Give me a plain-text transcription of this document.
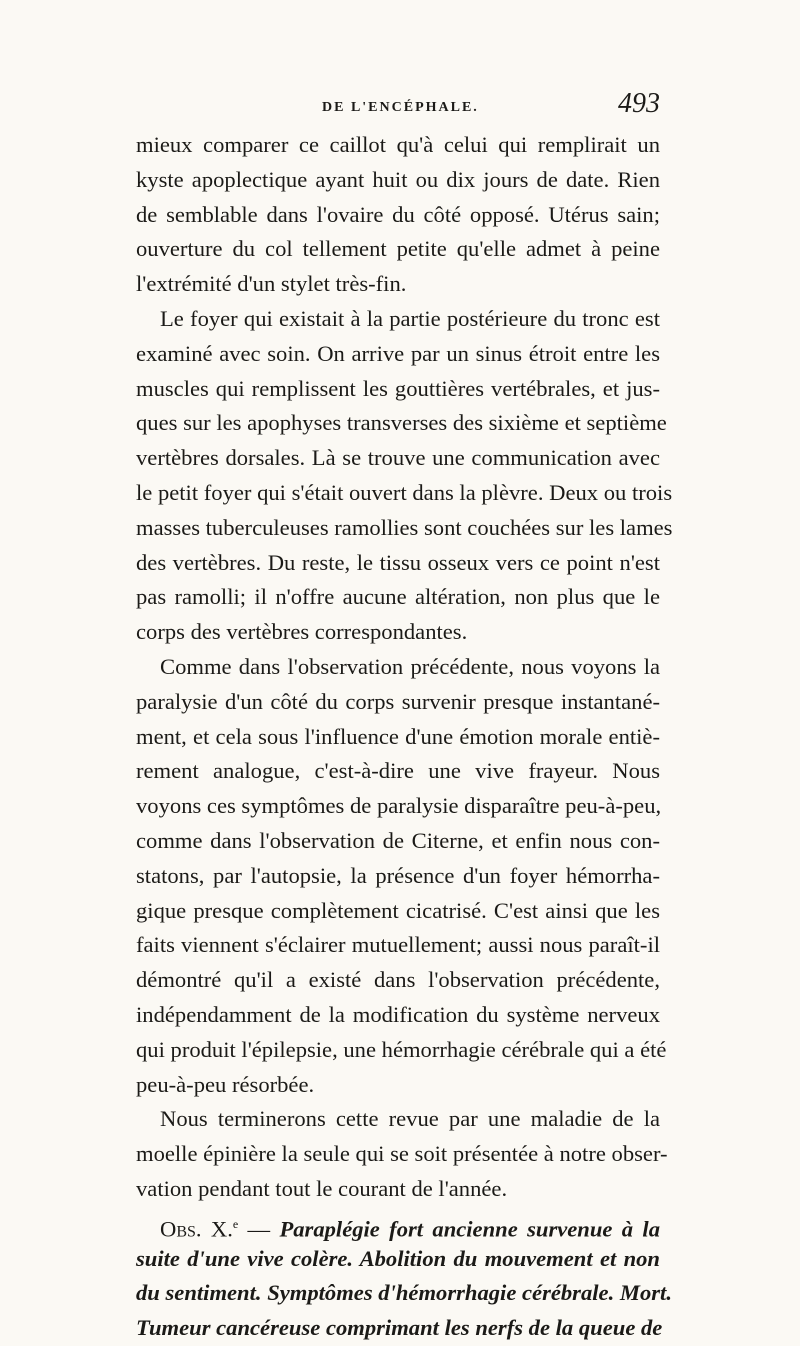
DE L'ENCÉPHALE.	493
mieux comparer ce caillot qu'à celui qui remplirait un
kyste apoplectique ayant huit ou dix jours de date. Rien
de semblable dans l'ovaire du côté opposé. Utérus sain;
ouverture du col tellement petite qu'elle admet à peine
l'extrémité d'un stylet très-fin.
Le foyer qui existait à la partie postérieure du tronc est
examiné avec soin. On arrive par un sinus étroit entre les
muscles qui remplissent les gouttières vertébrales, et jus-
ques sur les apophyses transverses des sixième et septième
vertèbres dorsales. Là se trouve une communication avec
le petit foyer qui s'était ouvert dans la plèvre. Deux ou trois
masses tuberculeuses ramollies sont couchées sur les lames
des vertèbres. Du reste, le tissu osseux vers ce point n'est
pas ramolli; il n'offre aucune altération, non plus que le
corps des vertèbres correspondantes.
Comme dans l'observation précédente, nous voyons la
paralysie d'un côté du corps survenir presque instantané-
ment, et cela sous l'influence d'une émotion morale entiè-
rement analogue, c'est-à-dire une vive frayeur. Nous
voyons ces symptômes de paralysie disparaître peu-à-peu,
comme dans l'observation de Citerne, et enfin nous con-
statons, par l'autopsie, la présence d'un foyer hémorrha-
gique presque complètement cicatrisé. C'est ainsi que les
faits viennent s'éclairer mutuellement; aussi nous paraît-il
démontré qu'il a existé dans l'observation précédente,
indépendamment de la modification du système nerveux
qui produit l'épilepsie, une hémorrhagie cérébrale qui a été
peu-à-peu résorbée.
Nous terminerons cette revue par une maladie de la
moelle épinière la seule qui se soit présentée à notre obser-
vation pendant tout le courant de l'année.
Obs. X.$^e$ — Paraplégie fort ancienne survenue à la
suite d'une vive colère. Abolition du mouvement et non
du sentiment. Symptômes d'hémorrhagie cérébrale. Mort.
Tumeur cancéreuse comprimant les nerfs de la queue de
